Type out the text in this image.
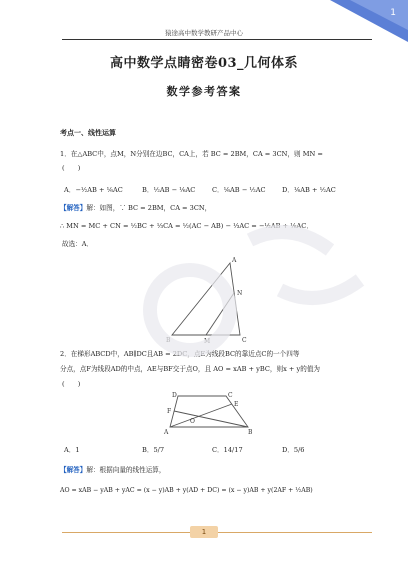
猿途高中数学教研产品中心
1
高中数学点睛密卷03_几何体系
数学参考答案
考点一、线性运算
1．在△ABC中，点M，N分别在边BC，CA上，若 BC = 2BM，CA = 3CN，则 MN =
(　　)
A．−½AB + ⅙AC	B．½AB − ⅙AC	C．⅙AB − ½AC D．⅙AB + ½AC
【解答】解：如图，∵ BC = 2BM，CA = 3CN，
∴ MN = MC + CN = ½BC + ⅓CA = ½(AC − AB) − ⅓AC = −½AB + ⅙AC．
故选：A．
A
N
B	M	C
2．在梯形ABCD中，AB∥DC且AB = 2DC，点E为线段BC的靠近点C的一个四等
分点，点F为线段AD的中点，AE与BF交于点O，且 AO = xAB + yBC，则x + y的值为
(　　)
D	C
E
F
O
A	B
A．1	B．5/7	C．14/17	D．5/6
【解答】解：根据向量的线性运算，
AO = xAB − yAB + yAC = (x − y)AB + y(AD + DC) = (x − y)AB + y(2AF + ½AB)
1
